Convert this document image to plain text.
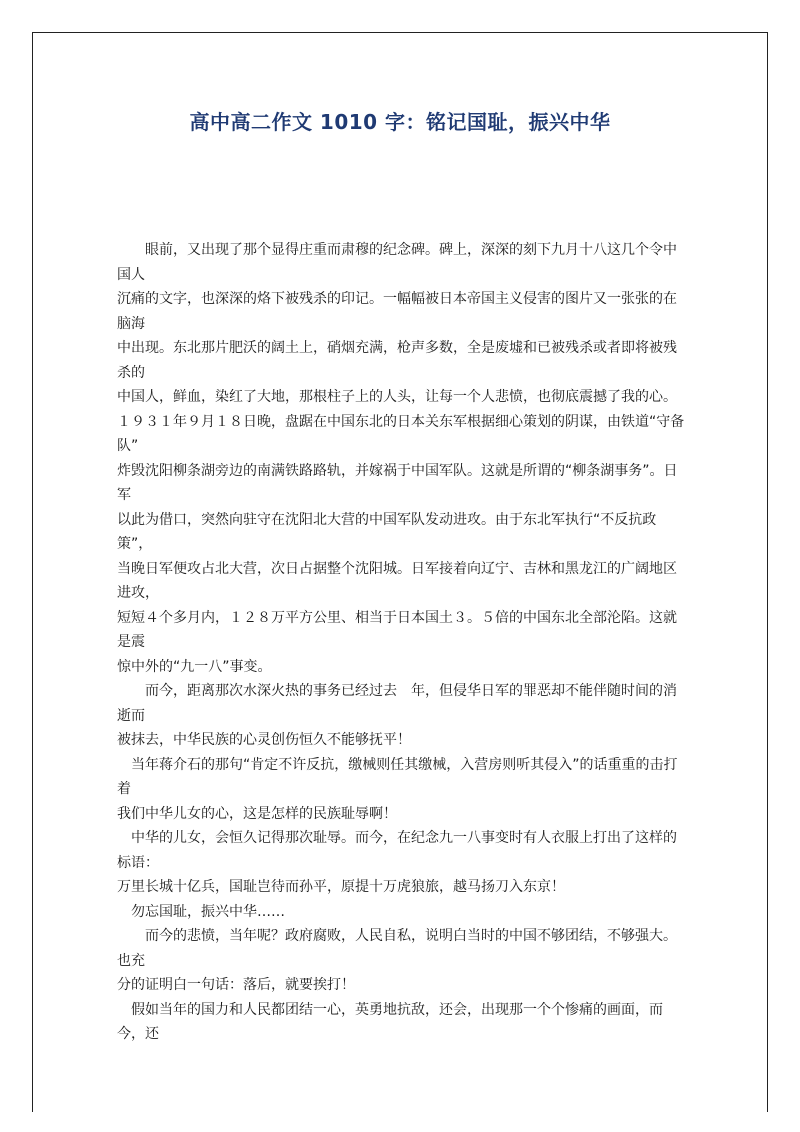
高中高二作文 1010 字：铭记国耻，振兴中华

　　眼前，又出现了那个显得庄重而肃穆的纪念碑。碑上，深深的刻下九月十八这几个令中国人

沉痛的文字，也深深的烙下被残杀的印记。一幅幅被日本帝国主义侵害的图片又一张张的在脑海

中出现。东北那片肥沃的阔土上，硝烟充满，枪声多数，全是废墟和已被残杀或者即将被残杀的

中国人，鲜血，染红了大地，那根柱子上的人头，让每一个人悲愤，也彻底震撼了我的心。

１９３１年９月１８日晚，盘踞在中国东北的日本关东军根据细心策划的阴谋，由铁道“守备队”

炸毁沈阳柳条湖旁边的南满铁路路轨，并嫁祸于中国军队。这就是所谓的“柳条湖事务”。日军

以此为借口，突然向驻守在沈阳北大营的中国军队发动进攻。由于东北军执行“不反抗政策”，

当晚日军便攻占北大营，次日占据整个沈阳城。日军接着向辽宁、吉林和黑龙江的广阔地区进攻，

短短４个多月内，１２８万平方公里、相当于日本国土３。５倍的中国东北全部沦陷。这就是震

惊中外的“九一八”事变。

　　而今，距离那次水深火热的事务已经过去　年，但侵华日军的罪恶却不能伴随时间的消逝而

被抹去，中华民族的心灵创伤恒久不能够抚平！

　当年蒋介石的那句“肯定不许反抗，缴械则任其缴械，入营房则听其侵入”的话重重的击打着

我们中华儿女的心，这是怎样的民族耻辱啊！

　中华的儿女，会恒久记得那次耻辱。而今，在纪念九一八事变时有人衣服上打出了这样的标语：

万里长城十亿兵，国耻岂待而孙平，原提十万虎狼旅，越马扬刀入东京！

　勿忘国耻，振兴中华……

　　而今的悲愤，当年呢？政府腐败，人民自私，说明白当时的中国不够团结，不够强大。也充

分的证明白一句话：落后，就要挨打！

　假如当年的国力和人民都团结一心，英勇地抗敌，还会，出现那一个个惨痛的画面，而今，还
